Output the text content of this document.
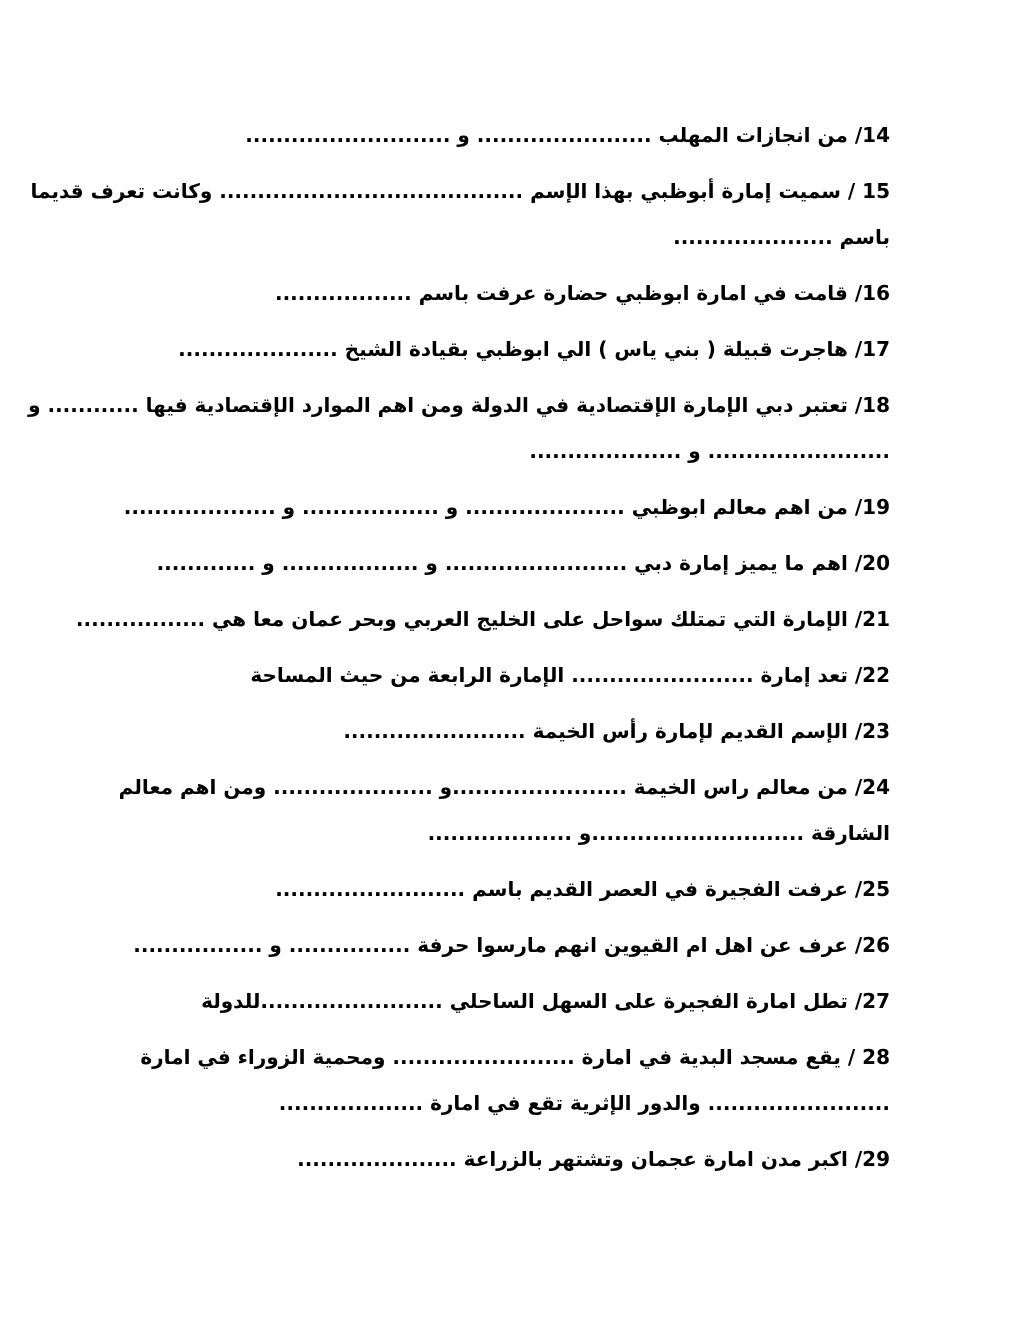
14/ من انجازات المهلب ....................... و ...........................
15 / سميت إمارة أبوظبي بهذا الإسم ........................................ وكانت تعرف قديما
باسم .....................
16/ قامت في امارة ابوظبي حضارة عرفت باسم ..................
17/ هاجرت قبيلة ( بني ياس ) الي ابوظبي بقيادة الشيخ .....................
18/ تعتبر دبي الإمارة الإقتصادية في الدولة ومن اهم الموارد الإقتصادية فيها ............ و
........................ و ....................
19/ من اهم معالم ابوظبي ..................... و .................. و ....................
20/ اهم ما يميز إمارة دبي ........................ و .................. و .............
21/ الإمارة التي تمتلك سواحل على الخليج العربي وبحر عمان معا هي .................
22/ تعد إمارة ........................ الإمارة الرابعة من حيث المساحة
23/ الإسم القديم لإمارة رأس الخيمة ........................
24/ من معالم راس الخيمة .......................و ..................... ومن اهم معالم
الشارقة ............................و ...................
25/ عرفت الفجيرة في العصر القديم باسم .........................
26/ عرف عن اهل ام القيوين انهم مارسوا حرفة ................ و .................
27/ تطل امارة الفجيرة على السهل الساحلي ........................للدولة
28 / يقع مسجد البدية في امارة ........................ ومحمية الزوراء في امارة
........................ والدور الإثرية تقع في امارة ...................
29/ اكبر مدن امارة عجمان وتشتهر بالزراعة .....................
